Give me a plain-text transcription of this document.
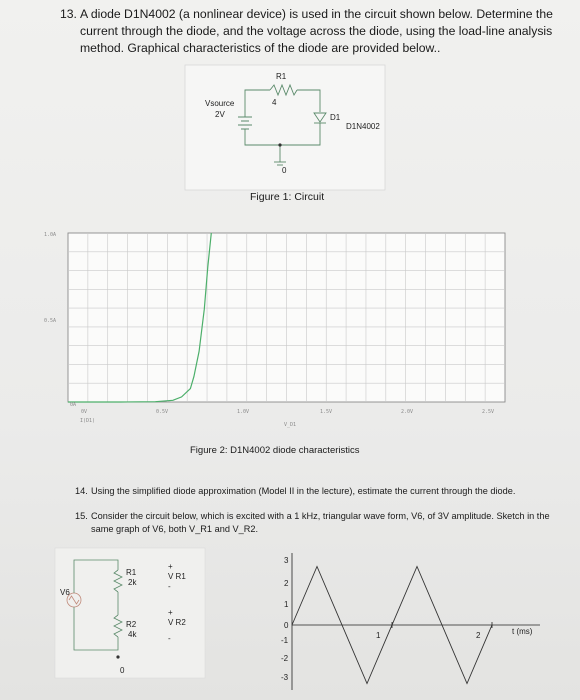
13. A diode D1N4002 (a nonlinear device) is used in the circuit shown below. Determine the current through the diode, and the voltage across the diode, using the load-line analysis method. Graphical characteristics of the diode are provided below..
R1
4
Vsource
2V	D1
D1N4002
0
Figure 1: Circuit
1.0A
0.5A
0A
0V	0.5V	1.0V	1.5V	2.0V	2.5V
V_D1
I(D1)
Figure 2: D1N4002 diode characteristics
14. Using the simplified diode approximation (Model II in the lecture), estimate the current through the diode.
15. Consider the circuit below, which is excited with a 1 kHz, triangular wave form, V6, of 3V amplitude. Sketch in the same graph of V6, both V_R1 and V_R2.
V6
R1
2k
R2
4k
+
V R1
+
V R2
-
-
0
3
2
1
0
-1
-2
-3
1	2	t (ms)
